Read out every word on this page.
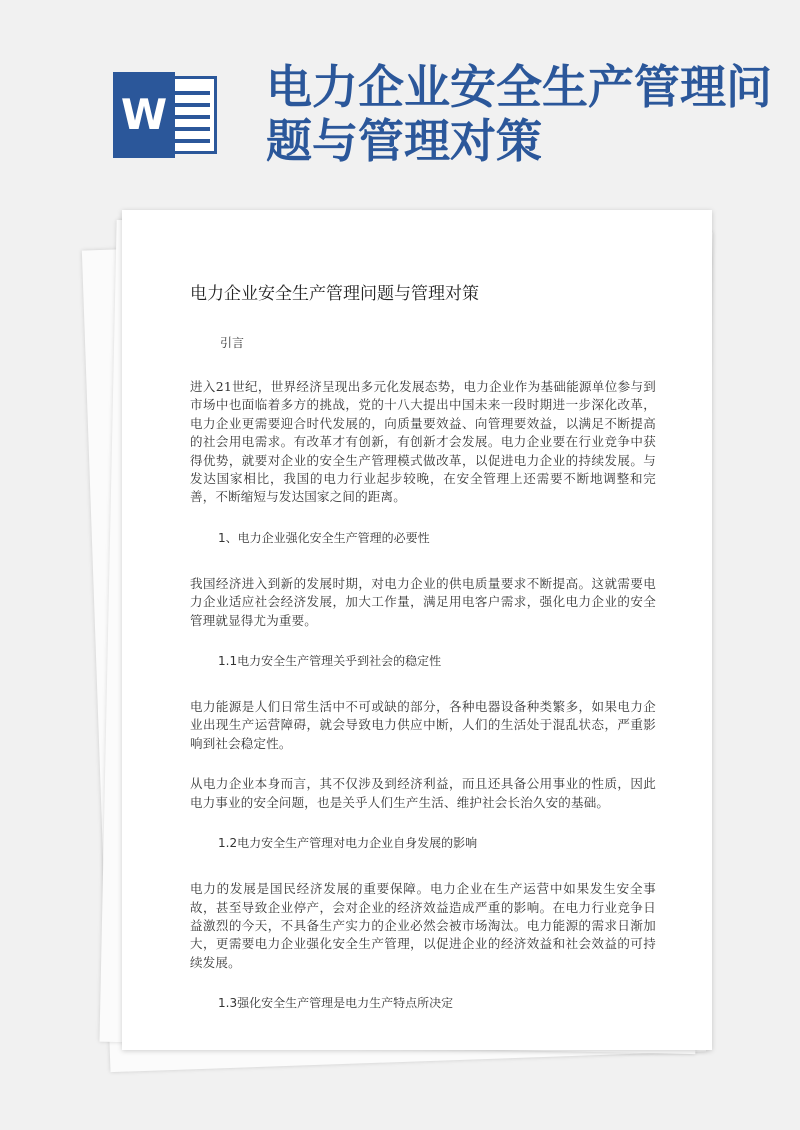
W
电力企业安全生产管理问题与管理对策
电力企业安全生产管理问题与管理对策

引言

进入21世纪，世界经济呈现出多元化发展态势，电力企业作为基础能源单位参与到市场中也面临着多方的挑战，党的十八大提出中国未来一段时期进一步深化改革，电力企业更需要迎合时代发展的，向质量要效益、向管理要效益，以满足不断提高的社会用电需求。有改革才有创新，有创新才会发展。电力企业要在行业竞争中获得优势，就要对企业的安全生产管理模式做改革，以促进电力企业的持续发展。与发达国家相比，我国的电力行业起步较晚，在安全管理上还需要不断地调整和完善，不断缩短与发达国家之间的距离。

1、电力企业强化安全生产管理的必要性

我国经济进入到新的发展时期，对电力企业的供电质量要求不断提高。这就需要电力企业适应社会经济发展，加大工作量，满足用电客户需求，强化电力企业的安全管理就显得尤为重要。

1.1电力安全生产管理关乎到社会的稳定性

电力能源是人们日常生活中不可或缺的部分，各种电器设备种类繁多，如果电力企业出现生产运营障碍，就会导致电力供应中断，人们的生活处于混乱状态，严重影响到社会稳定性。

从电力企业本身而言，其不仅涉及到经济利益，而且还具备公用事业的性质，因此电力事业的安全问题，也是关乎人们生产生活、维护社会长治久安的基础。

1.2电力安全生产管理对电力企业自身发展的影响

电力的发展是国民经济发展的重要保障。电力企业在生产运营中如果发生安全事故，甚至导致企业停产，会对企业的经济效益造成严重的影响。在电力行业竞争日益激烈的今天，不具备生产实力的企业必然会被市场淘汰。电力能源的需求日渐加大，更需要电力企业强化安全生产管理，以促进企业的经济效益和社会效益的可持续发展。

1.3强化安全生产管理是电力生产特点所决定
